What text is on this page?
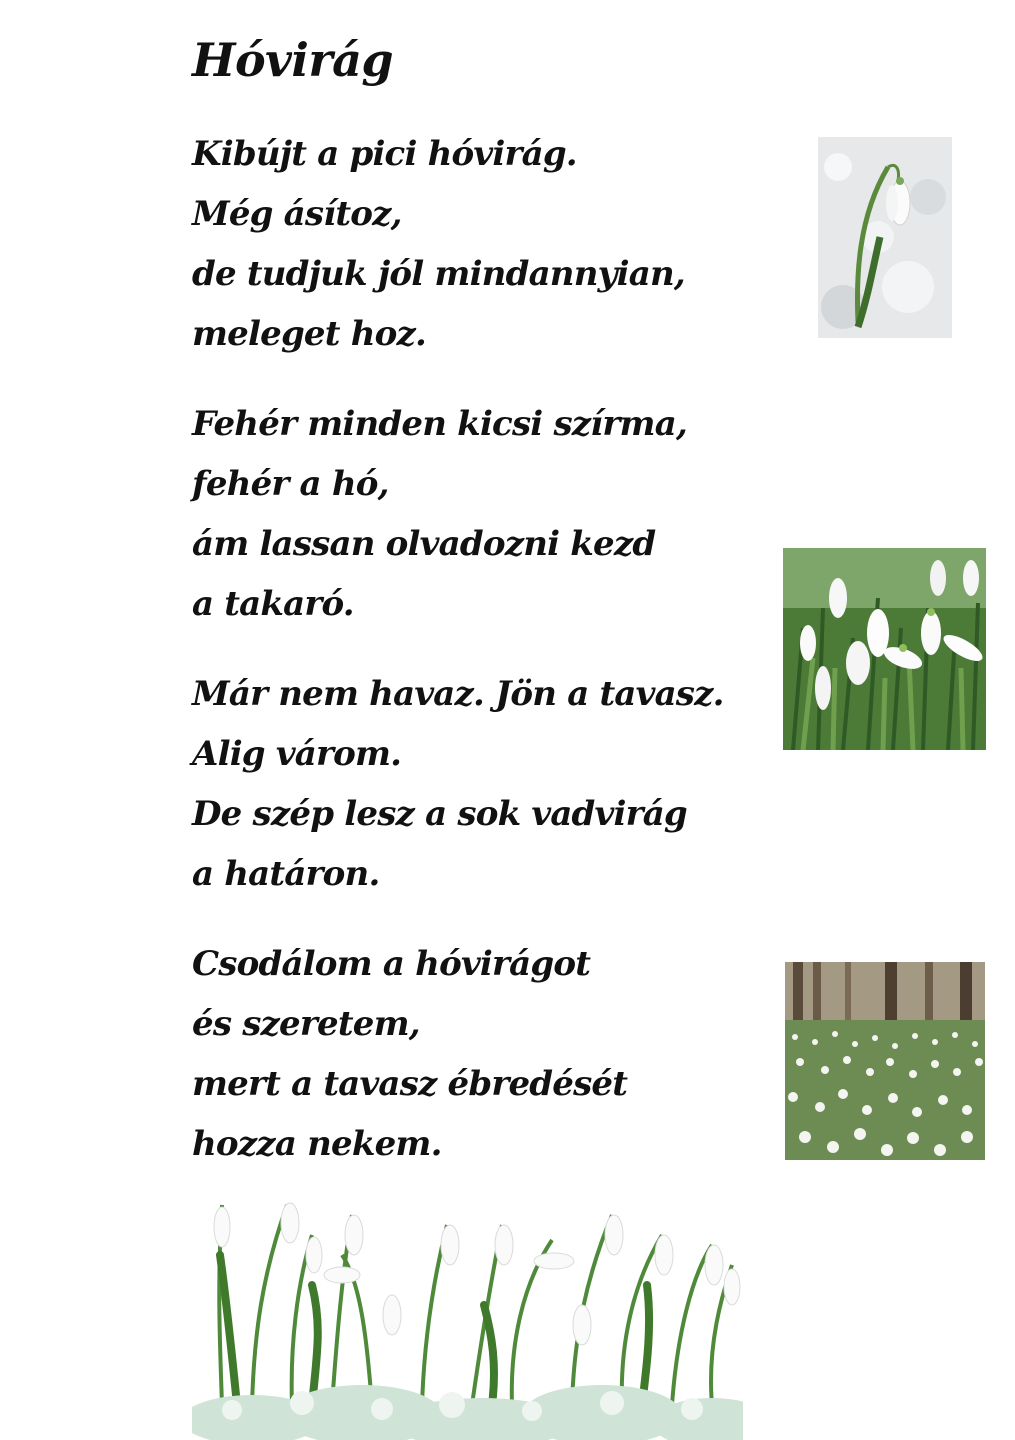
Hóvirág
Kibújt a pici hóvirág.
Még ásítoz,
de tudjuk jól mindannyian,
meleget hoz.
Fehér minden kicsi szírma,
fehér a hó,
ám lassan olvadozni kezd
a takaró.
Már nem havaz. Jön a tavasz.
Alig várom.
De szép lesz a sok vadvirág
a határon.
Csodálom a hóvirágot
és szeretem,
mert a tavasz ébredését
hozza nekem.
